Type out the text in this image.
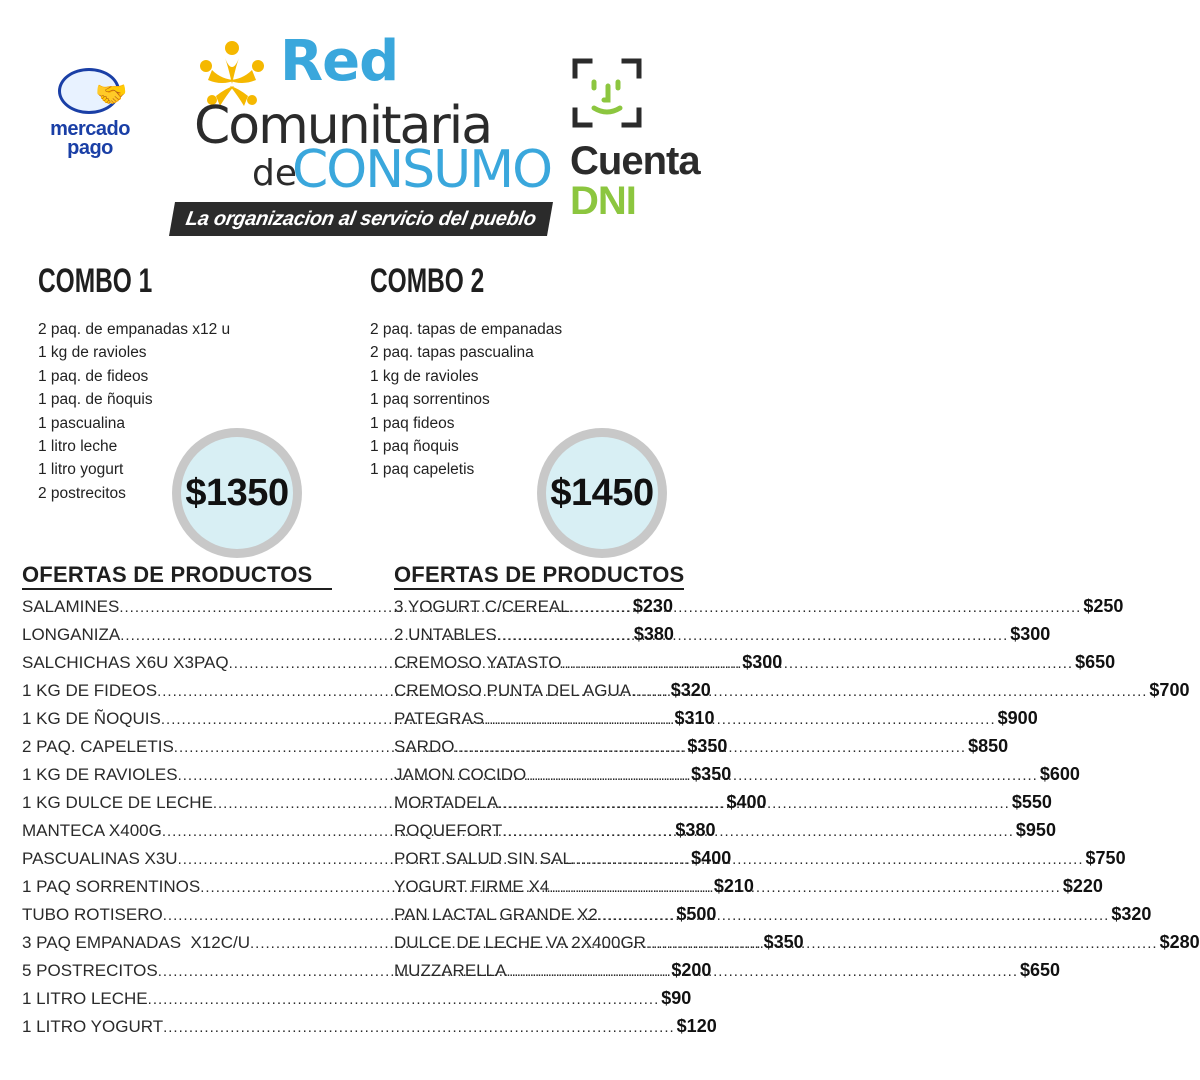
🤝
mercado
pago
Red
Comunitaria
de
CONSUMO
La organizacion al servicio del pueblo
Cuenta
DNI
COMBO 1
2 paq. de empanadas x12 u
1 kg de ravioles
1 paq. de fideos
1 paq. de ñoquis
1 pascualina
1 litro leche
1 litro yogurt
2 postrecitos	$1350
COMBO 2
2 paq. tapas de empanadas
2 paq. tapas pascualina
1 kg de ravioles
1 paq sorrentinos
1 paq fideos
1 paq ñoquis
1 paq capeletis
$1450
OFERTAS DE PRODUCTOS
SALAMINES .....	$230
LONGANIZA .....	$380
SALCHICHAS X6U X3PAQ .....	$300
1 KG DE FIDEOS .....	$320
1 KG DE ÑOQUIS .....	$310
2 PAQ. CAPELETIS .....	$350
1 KG DE RAVIOLES .....	$350
1 KG DULCE DE LECHE .....	$400
MANTECA X400G .....	$380
PASCUALINAS X3U .....	$400
1 PAQ SORRENTINOS .....	$210
TUBO ROTISERO .....	$500
3 PAQ EMPANADAS  X12C/U .....	$350
5 POSTRECITOS .....	$200
1 LITRO LECHE .....	$90
1 LITRO YOGURT .....	$120
OFERTAS DE PRODUCTOS
3 YOGURT C/CEREAL .....	$250
2 UNTABLES .....	$300
CREMOSO YATASTO .....	$650
CREMOSO PUNTA DEL AGUA. .....	$700
PATEGRAS .....	$900
SARDO .....	$850
JAMON COCIDO .....	$600
MORTADELA .....	$550
ROQUEFORT .....	$950
PORT SALUD SIN SAL .....	$750
YOGURT FIRME X4 .....	$220
PAN LACTAL GRANDE X2 .....	$320
DULCE DE LECHE VA 2X400GR .....	$280
MUZZARELLA .....	$650
